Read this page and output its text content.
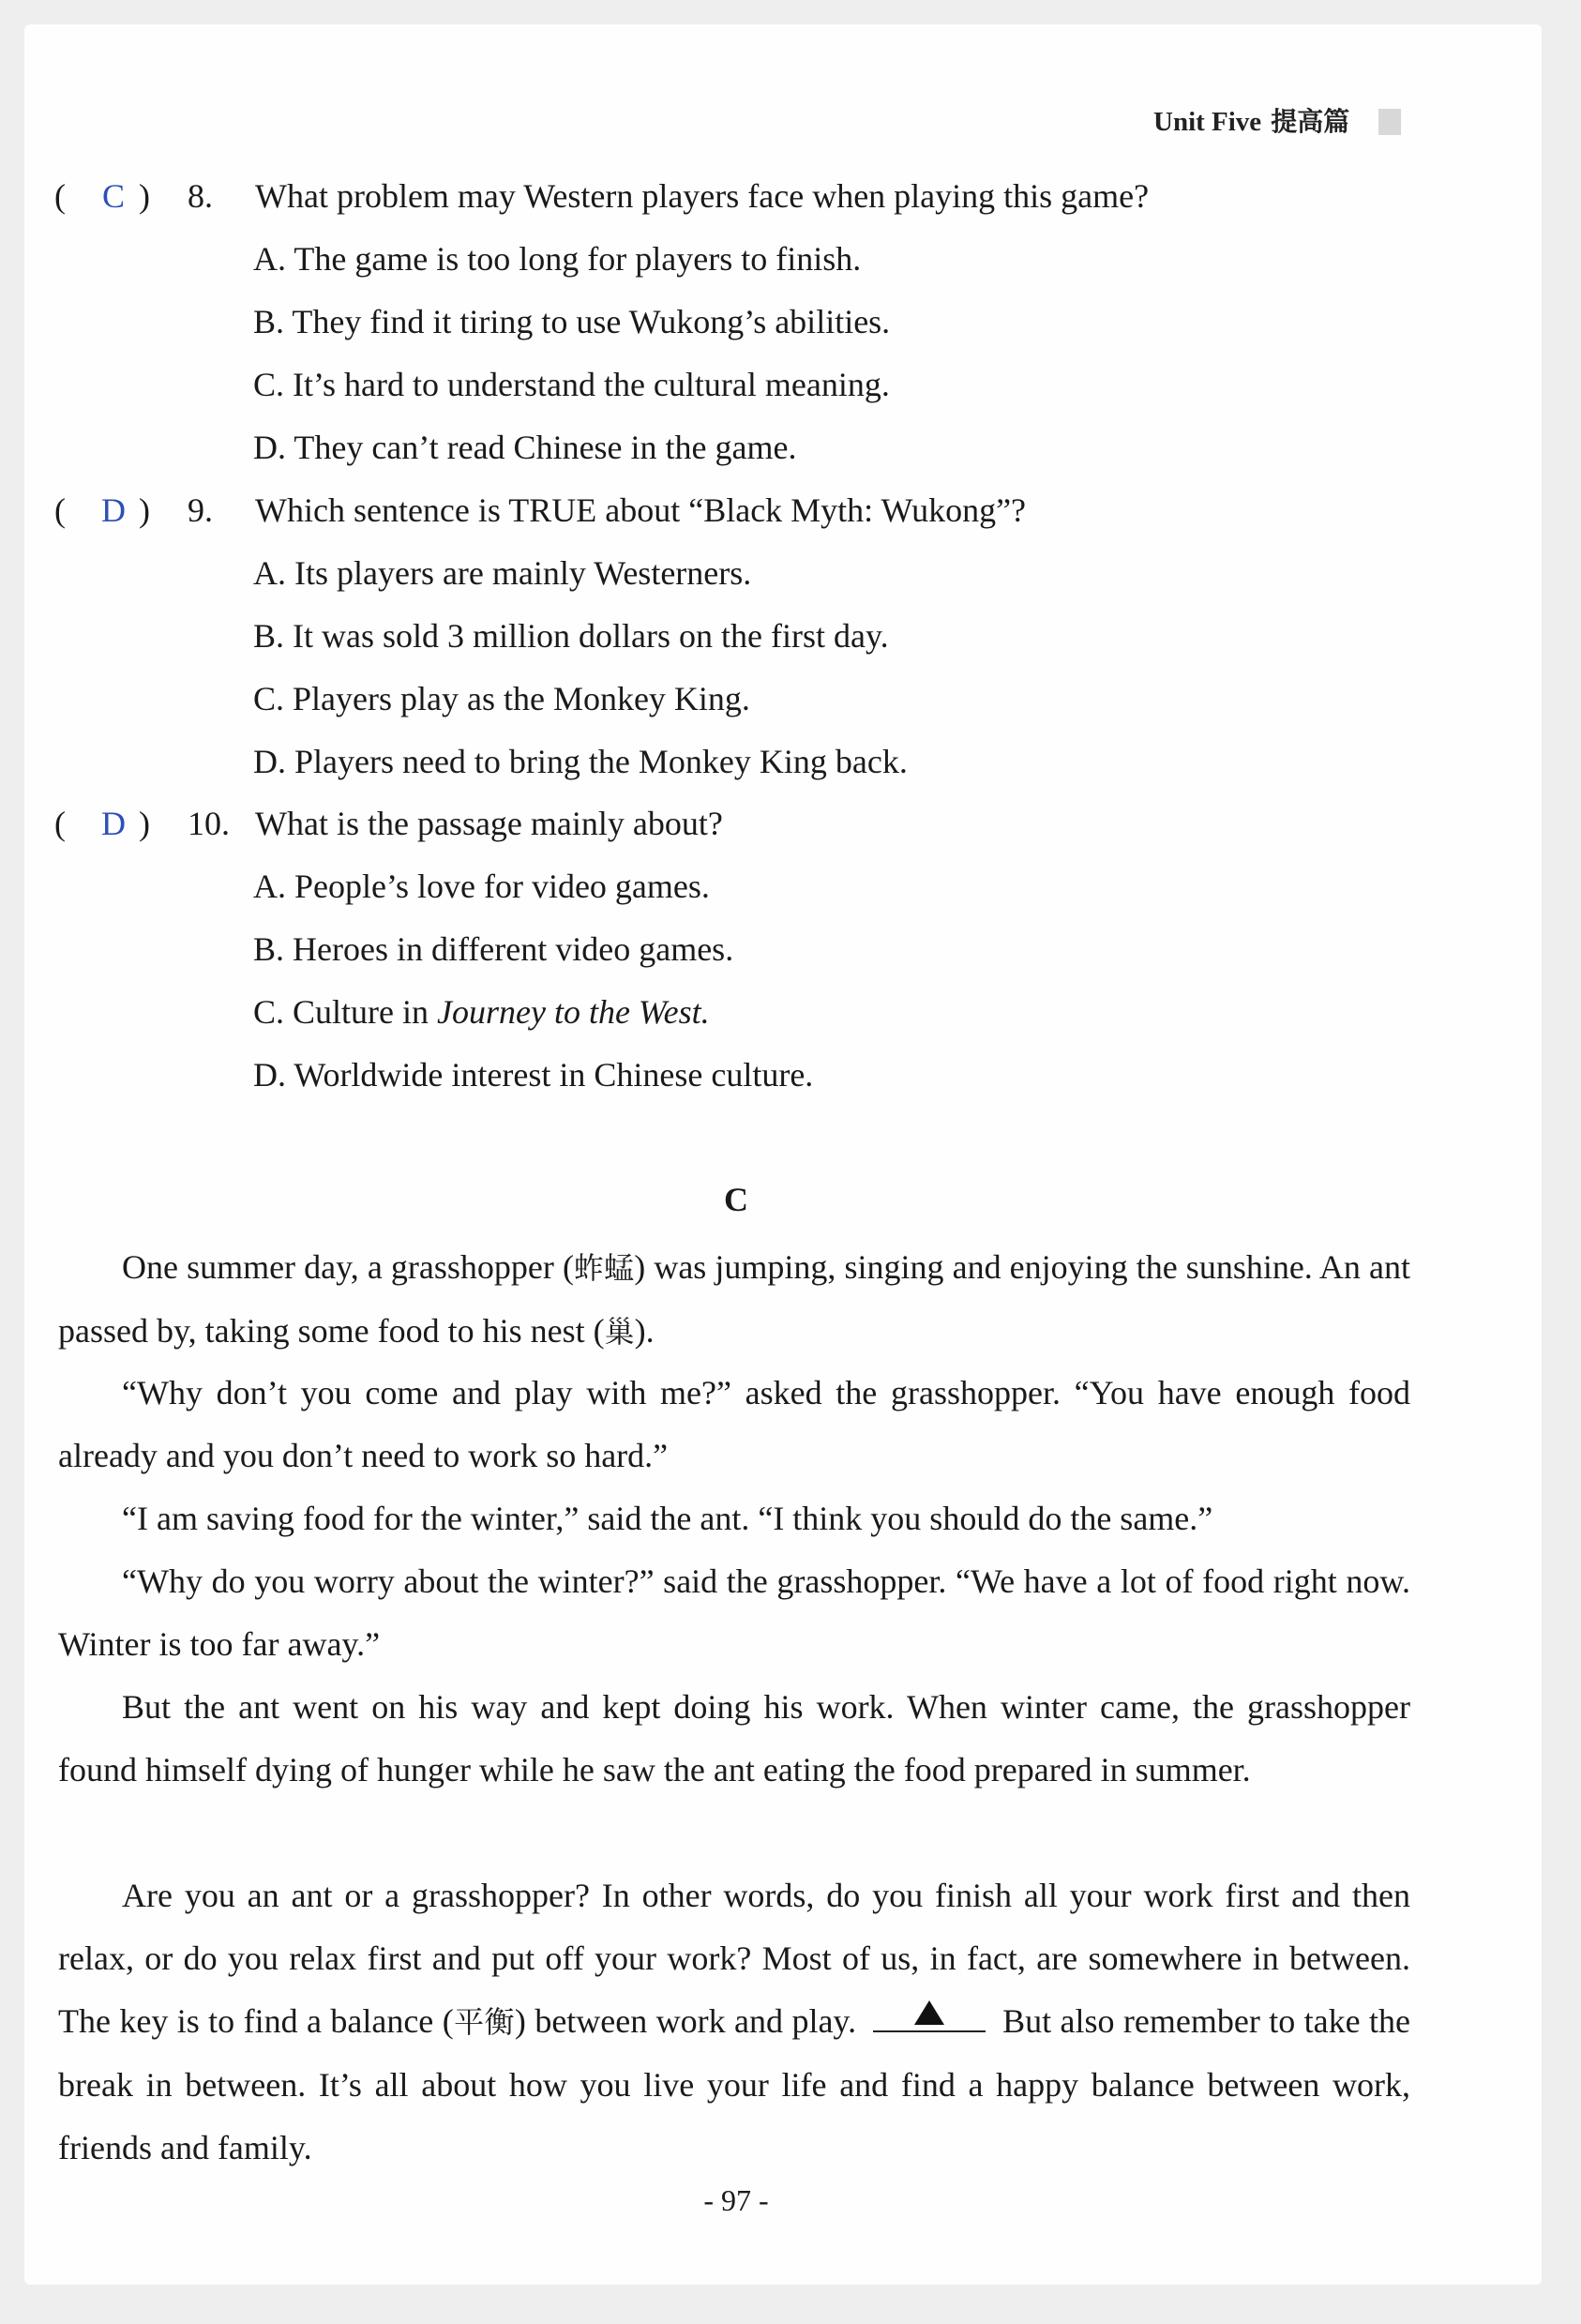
Unit Five 提高篇
( C ) 8. What problem may Western players face when playing this game?
A. The game is too long for players to finish.
B. They find it tiring to use Wukong’s abilities.
C. It’s hard to understand the cultural meaning.
D. They can’t read Chinese in the game.
( D ) 9. Which sentence is TRUE about “Black Myth: Wukong”?
A. Its players are mainly Westerners.
B. It was sold 3 million dollars on the first day.
C. Players play as the Monkey King.
D. Players need to bring the Monkey King back.
( D ) 10. What is the passage mainly about?
A. People’s love for video games.
B. Heroes in different video games.
C. Culture in Journey to the West.
D. Worldwide interest in Chinese culture.
C
One summer day, a grasshopper (蚱蜢) was jumping, singing and enjoying the sunshine. An ant passed by, taking some food to his nest (巢).
“Why don’t you come and play with me?” asked the grasshopper. “You have enough food already and you don’t need to work so hard.”
“I am saving food for the winter,” said the ant. “I think you should do the same.”
“Why do you worry about the winter?” said the grasshopper. “We have a lot of food right now. Winter is too far away.”
But the ant went on his way and kept doing his work. When winter came, the grasshopper found himself dying of hunger while he saw the ant eating the food prepared in summer.
Are you an ant or a grasshopper? In other words, do you finish all your work first and then relax, or do you relax first and put off your work? Most of us, in fact, are somewhere in between. The key is to find a balance (平衡) between work and play.	But also remember to take the break in between. It’s all about how you live your life and find a happy balance between work, friends and family.
- 97 -
